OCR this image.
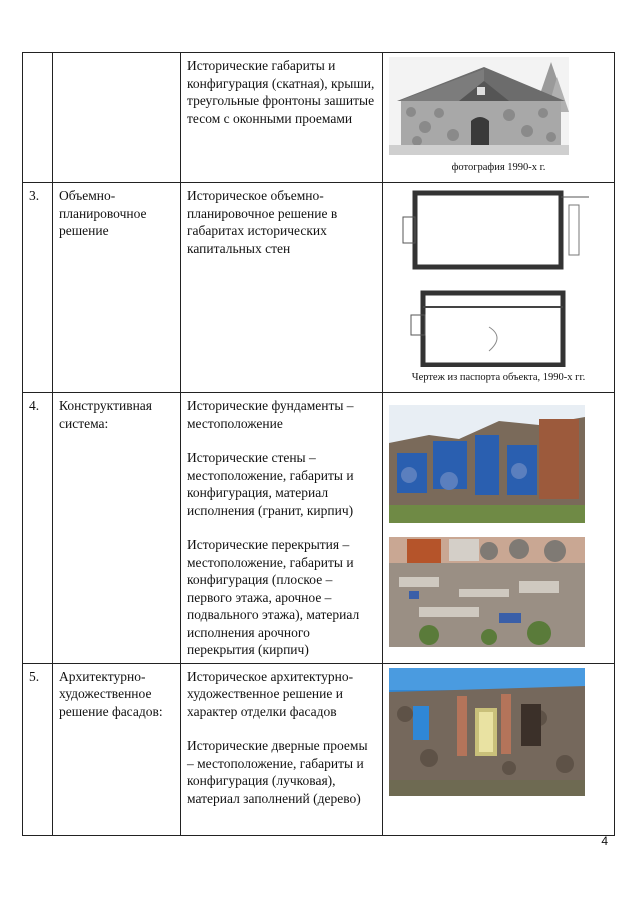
		Исторические габариты и конфигурация (скатная), крыши, треугольные фронтоны зашитые тесом с оконными проемами	фотография 1990-х г.

3.	Объемно-планировочное решение	Историческое объемно-планировочное решение в габаритах исторических капитальных стен	Чертеж из паспорта объекта, 1990-х гг.

4.	Конструктивная система:	Исторические фундаменты – местоположение
Исторические стены – местоположение, габариты и конфигурация, материал исполнения (гранит, кирпич)
Исторические перекрытия – местоположение, габариты и конфигурация (плоское – первого этажа, арочное – подвального этажа), материал исполнения арочного перекрытия (кирпич)

5.	Архитектурно-художественное решение фасадов:	Историческое архитектурно-художественное решение и характер отделки фасадов
Исторические дверные проемы – местоположение, габариты и конфигурация (лучковая), материал заполнений (дерево)

4
